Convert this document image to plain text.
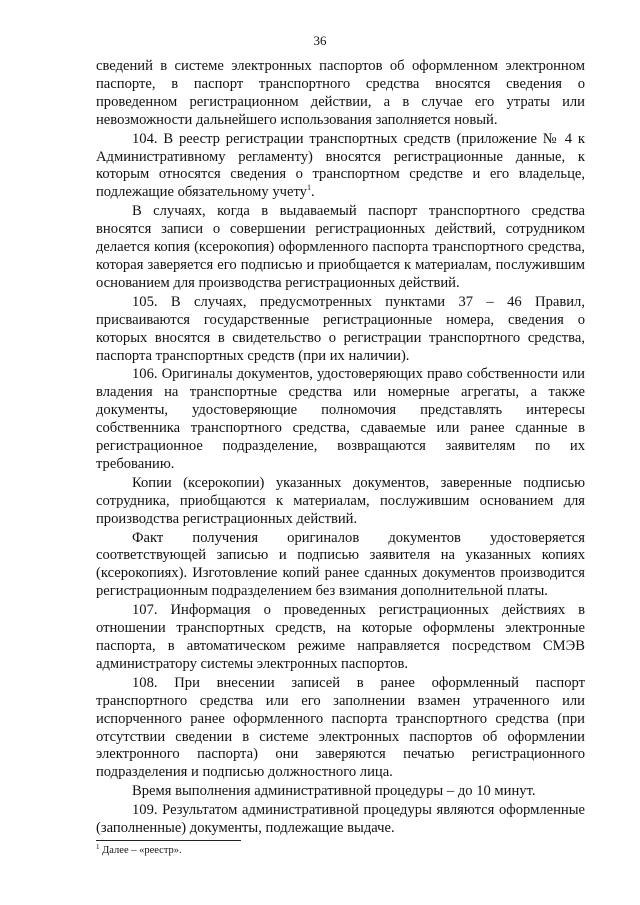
36

сведений в системе электронных паспортов об оформленном электронном паспорте, в паспорт транспортного средства вносятся сведения о проведенном регистрационном действии, а в случае его утраты или невозможности дальнейшего использования заполняется новый.

104. В реестр регистрации транспортных средств (приложение № 4 к Административному регламенту) вносятся регистрационные данные, к которым относятся сведения о транспортном средстве и его владельце, подлежащие обязательному учету$^1$.

В случаях, когда в выдаваемый паспорт транспортного средства вносятся записи о совершении регистрационных действий, сотрудником делается копия (ксерокопия) оформленного паспорта транспортного средства, которая заверяется его подписью и приобщается к материалам, послужившим основанием для производства регистрационных действий.

105. В случаях, предусмотренных пунктами 37 – 46 Правил, присваиваются государственные регистрационные номера, сведения о которых вносятся в свидетельство о регистрации транспортного средства, паспорта транспортных средств (при их наличии).

106. Оригиналы документов, удостоверяющих право собственности или владения на транспортные средства или номерные агрегаты, а также документы, удостоверяющие полномочия представлять интересы собственника транспортного средства, сдаваемые или ранее сданные в регистрационное подразделение, возвращаются заявителям по их требованию.

Копии (ксерокопии) указанных документов, заверенные подписью сотрудника, приобщаются к материалам, послужившим основанием для производства регистрационных действий.

Факт получения оригиналов документов удостоверяется соответствующей записью и подписью заявителя на указанных копиях (ксерокопиях). Изготовление копий ранее сданных документов производится регистрационным подразделением без взимания дополнительной платы.

107. Информация о проведенных регистрационных действиях в отношении транспортных средств, на которые оформлены электронные паспорта, в автоматическом режиме направляется посредством СМЭВ администратору системы электронных паспортов.

108. При внесении записей в ранее оформленный паспорт транспортного средства или его заполнении взамен утраченного или испорченного ранее оформленного паспорта транспортного средства (при отсутствии сведении в системе электронных паспортов об оформлении электронного паспорта) они заверяются печатью регистрационного подразделения и подписью должностного лица.

Время выполнения административной процедуры – до 10 минут.

109. Результатом административной процедуры являются оформленные (заполненные) документы, подлежащие выдаче.

$^1$ Далее – «реестр».
